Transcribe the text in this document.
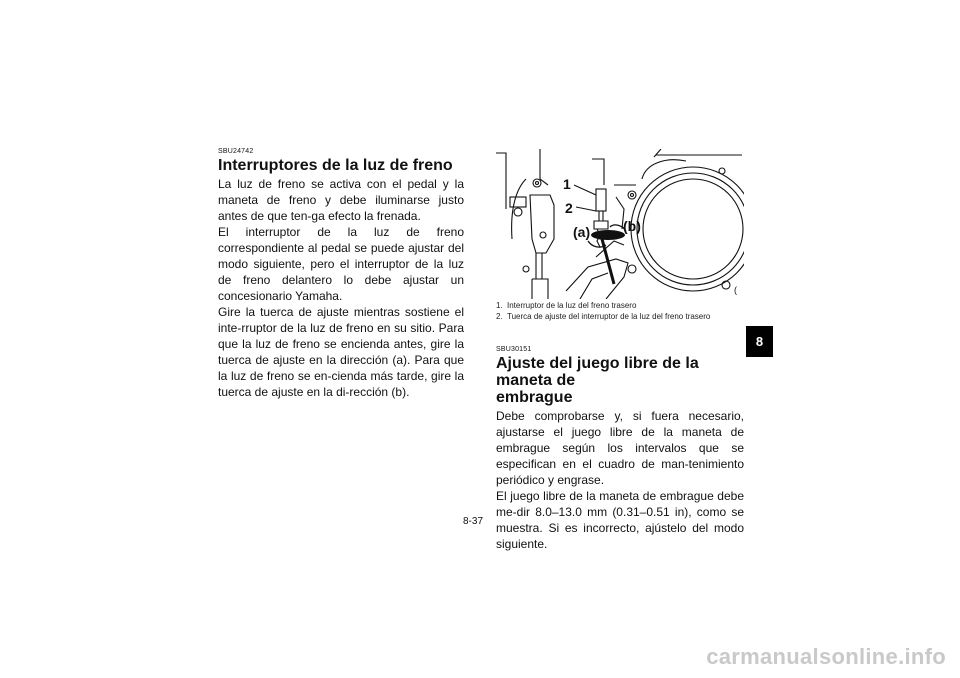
SBU24742
Interruptores de la luz de freno

La luz de freno se activa con el pedal y la maneta de freno y debe iluminarse justo antes de que ten-ga efecto la frenada.

El interruptor de la luz de freno correspondiente al pedal se puede ajustar del modo siguiente, pero el interruptor de la luz de freno delantero lo debe ajustar un concesionario Yamaha.

Gire la tuerca de ajuste mientras sostiene el inte-rruptor de la luz de freno en su sitio. Para que la luz de freno se encienda antes, gire la tuerca de ajuste en la dirección (a). Para que la luz de freno se en-cienda más tarde, gire la tuerca de ajuste en la di-rección (b).

1
2
(a) (b)
(
1. Interruptor de la luz del freno trasero
2. Tuerca de ajuste del interruptor de la luz del freno trasero
SBU30151
Ajuste del juego libre de la maneta de
embrague

Debe comprobarse y, si fuera necesario, ajustarse el juego libre de la maneta de embrague según los intervalos que se especifican en el cuadro de man-tenimiento periódico y engrase.

El juego libre de la maneta de embrague debe me-dir 8.0–13.0 mm (0.31–0.51 in), como se muestra. Si es incorrecto, ajústelo del modo siguiente.

8
8-37
carmanualsonline.info
